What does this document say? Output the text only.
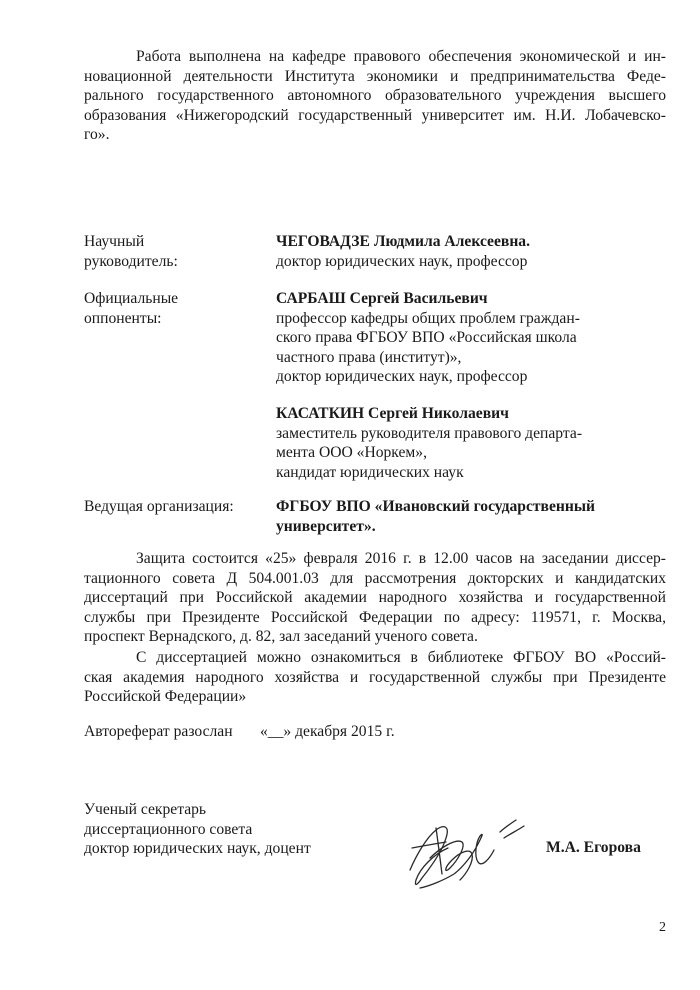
Работа выполнена на кафедре правового обеспечения экономической и ин-
новационной деятельности Института экономики и предпринимательства Феде-
рального государственного автономного образовательного учреждения высшего
образования «Нижегородский государственный университет им. Н.И. Лобачевско-
го».
Научный
руководитель:
ЧЕГОВАДЗЕ Людмила Алексеевна.
доктор юридических наук, профессор
Официальные
оппоненты:
САРБАШ Сергей Васильевич
профессор кафедры общих проблем граждан-
ского права ФГБОУ ВПО «Российская школа
частного права (институт)»,
доктор юридических наук, профессор
КАСАТКИН Сергей Николаевич
заместитель руководителя правового департа-
мента ООО «Норкем»,
кандидат юридических наук
Ведущая организация:	ФГБОУ ВПО «Ивановский государственный
университет».
Защита состоится «25» февраля 2016 г. в 12.00 часов на заседании диссер-
тационного совета Д 504.001.03 для рассмотрения докторских и кандидатских
диссертаций при Российской академии народного хозяйства и государственной
службы при Президенте Российской Федерации по адресу: 119571, г. Москва,
проспект Вернадского, д. 82, зал заседаний ученого совета.
С диссертацией можно ознакомиться в библиотеке ФГБОУ ВО «Россий-
ская академия народного хозяйства и государственной службы при Президенте
Российской Федерации»
Автореферат разослан «__» декабря 2015 г.
Ученый секретарь
диссертационного совета
доктор юридических наук, доцент	М.А. Егорова
2
